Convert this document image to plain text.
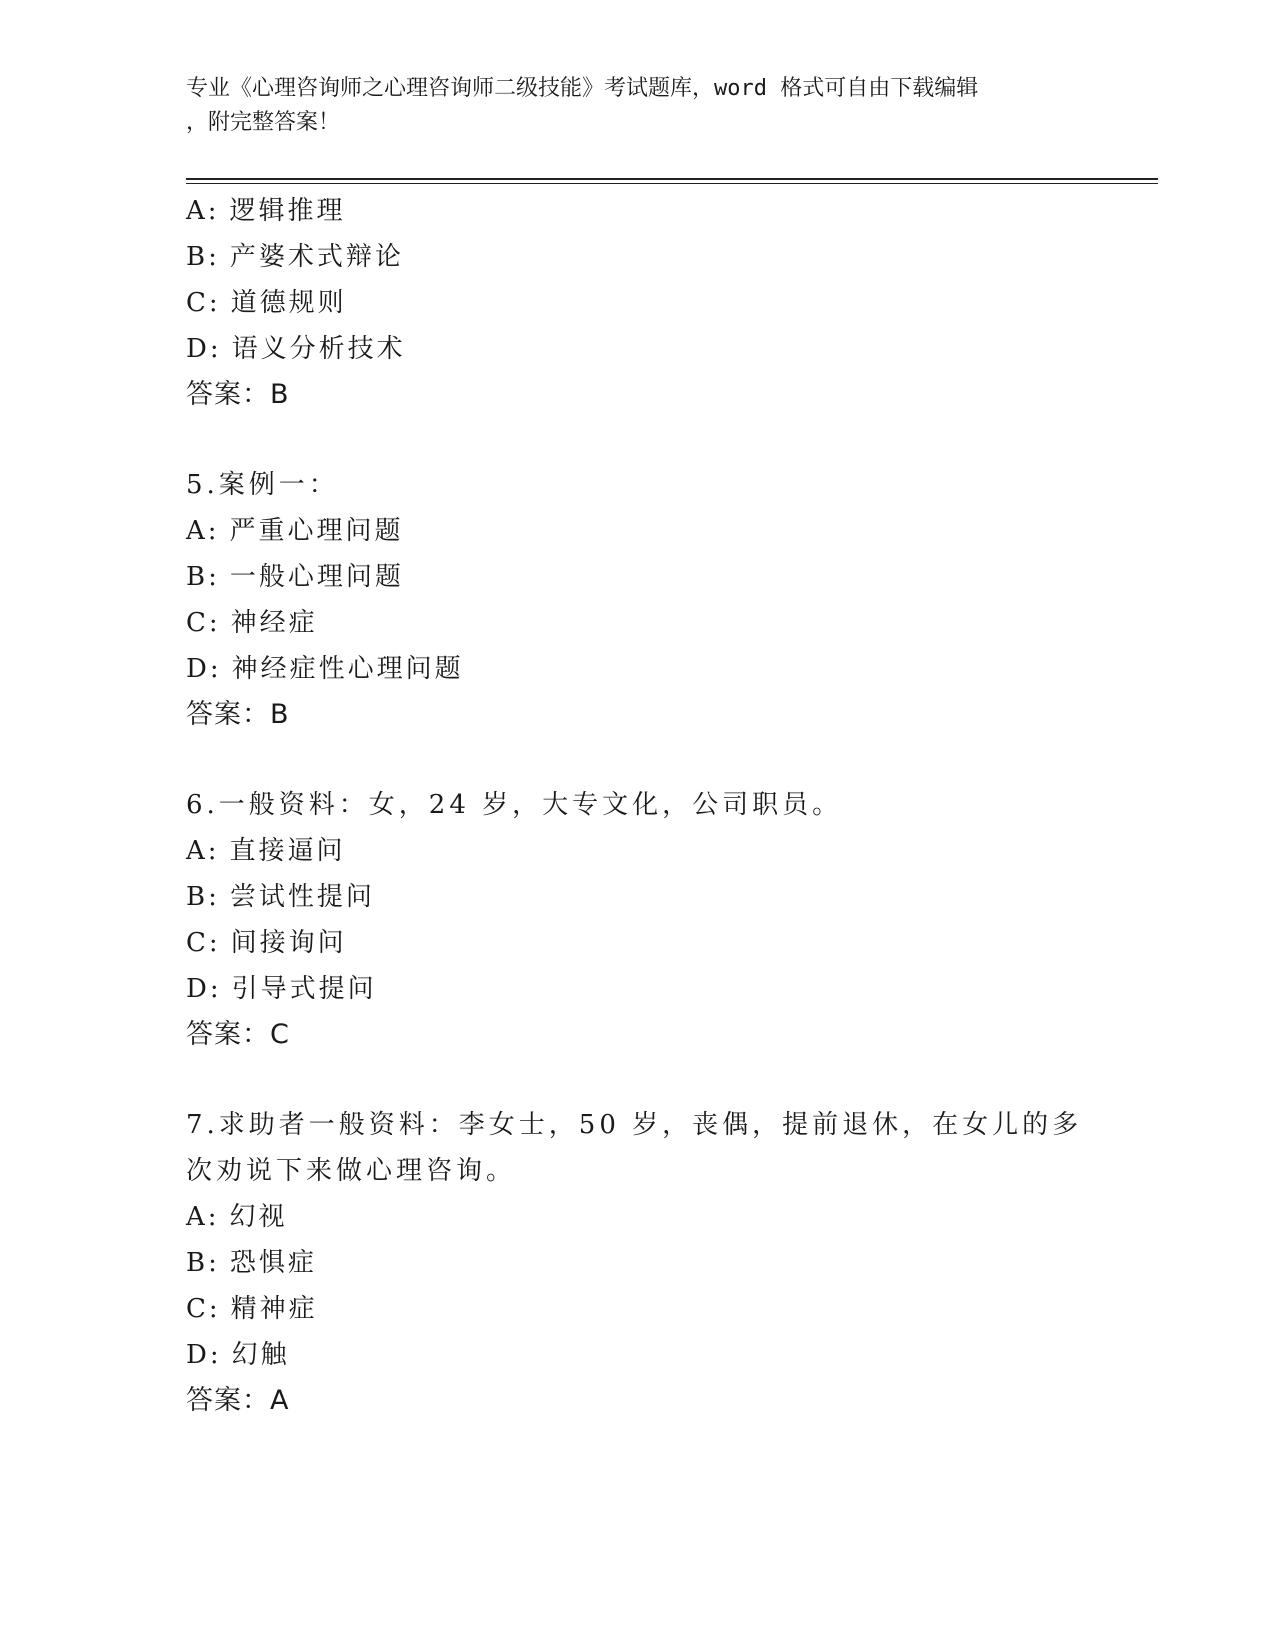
专业《心理咨询师之心理咨询师二级技能》考试题库，word 格式可自由下载编辑
，附完整答案！
A: 逻辑推理
B: 产婆术式辩论
C: 道德规则
D: 语义分析技术
答案：B
5.案例一：
A: 严重心理问题
B: 一般心理问题
C: 神经症
D: 神经症性心理问题
答案：B
6.一般资料：女，24 岁，大专文化，公司职员。
A: 直接逼问
B: 尝试性提问
C: 间接询问
D: 引导式提问
答案：C
7.求助者一般资料：李女士，50 岁，丧偶，提前退休，在女儿的多次劝说下来做心理咨询。
A: 幻视
B: 恐惧症
C: 精神症
D: 幻触
答案：A
